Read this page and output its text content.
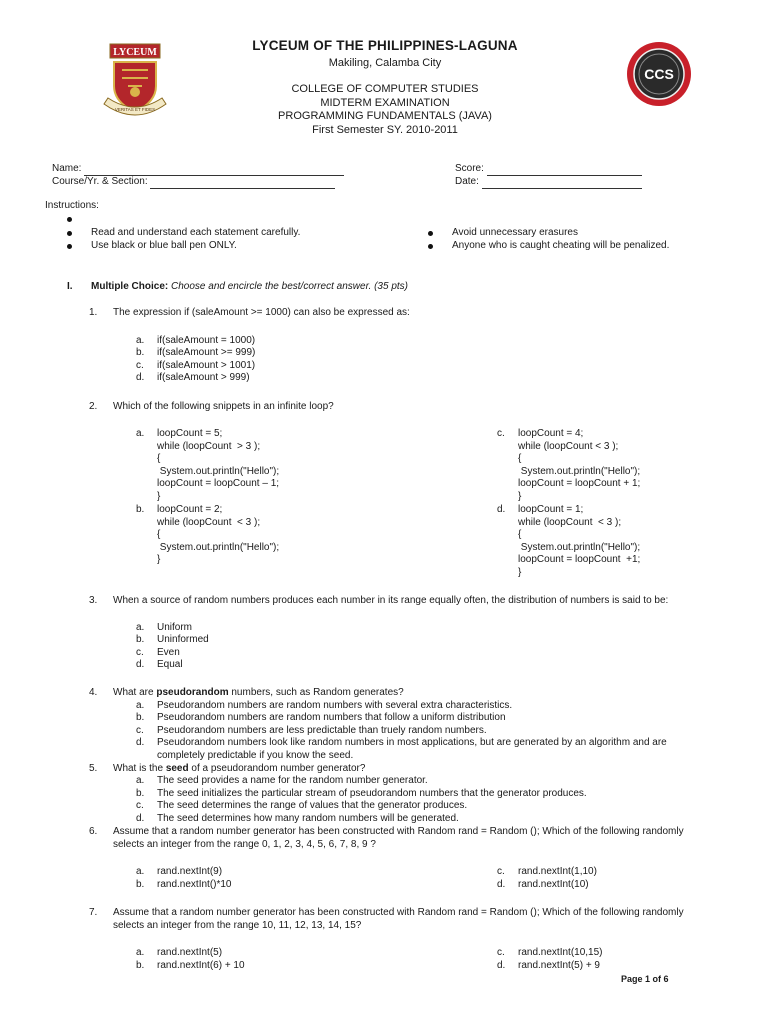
LYCEUM
VERITAS ET FIDES
CCS
LYCEUM OF THE PHILIPPINES-LAGUNA
Makiling, Calamba City
COLLEGE OF COMPUTER STUDIES
MIDTERM EXAMINATION
PROGRAMMING FUNDAMENTALS (JAVA)
First Semester SY. 2010-2011
Name:
Course/Yr. & Section:
Score:
Date:
Instructions:
Read and understand each statement carefully.
Use black or blue ball pen ONLY.
Avoid unnecessary erasures
Anyone who is caught cheating will be penalized.
I. Multiple Choice: Choose and encircle the best/correct answer. (35 pts)
1. The expression if (saleAmount >= 1000) can also be expressed as:
a. if(saleAmount = 1000)
b. if(saleAmount >= 999)
c. if(saleAmount > 1001)
d. if(saleAmount > 999)
2. Which of the following snippets in an infinite loop?
a. loopCount = 5;
while (loopCount  > 3 );
{
System.out.println("Hello");
loopCount = loopCount – 1;
}
b. loopCount = 2;
while (loopCount  < 3 );
{
System.out.println("Hello");
}
c. loopCount = 4;
while (loopCount < 3 );
{
System.out.println("Hello");
loopCount = loopCount + 1;
}
d. loopCount = 1;
while (loopCount  < 3 );
{
System.out.println("Hello");
loopCount = loopCount  +1;
}
3. When a source of random numbers produces each number in its range equally often, the distribution of numbers is said to be:
a. Uniform
b. Uninformed
c. Even
d. Equal
4. What are pseudorandom numbers, such as Random generates?
a. Pseudorandom numbers are random numbers with several extra characteristics.
b. Pseudorandom numbers are random numbers that follow a uniform distribution
c. Pseudorandom numbers are less predictable than truely random numbers.
d. Pseudorandom numbers look like random numbers in most applications, but are generated by an algorithm and are
completely predictable if you know the seed.
5. What is the seed of a pseudorandom number generator?
a. The seed provides a name for the random number generator.
b. The seed initializes the particular stream of pseudorandom numbers that the generator produces.
c. The seed determines the range of values that the generator produces.
d. The seed determines how many random numbers will be generated.
6. Assume that a random number generator has been constructed with Random rand = Random (); Which of the following randomly
selects an integer from the range 0, 1, 2, 3, 4, 5, 6, 7, 8, 9 ?
a. rand.nextInt(9)
b. rand.nextInt()*10
c. rand.nextInt(1,10)
d. rand.nextInt(10)
7. Assume that a random number generator has been constructed with Random rand = Random (); Which of the following randomly
selects an integer from the range 10, 11, 12, 13, 14, 15?
a. rand.nextInt(5)
b. rand.nextInt(6) + 10
c. rand.nextInt(10,15)
d. rand.nextInt(5) + 9
Page 1 of 6
